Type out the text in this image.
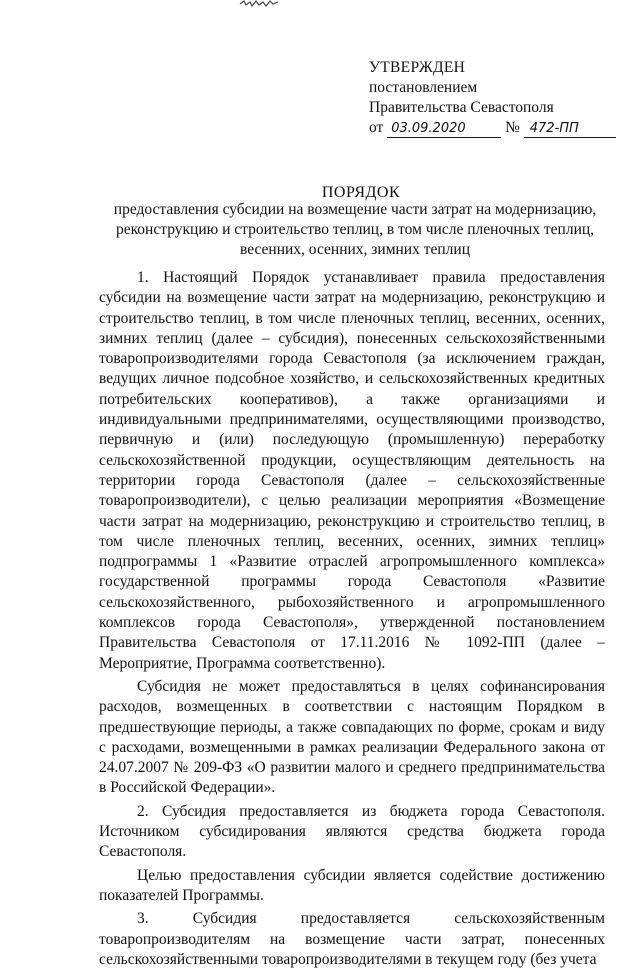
УТВЕРЖДЕН
постановлением
Правительства Севастополя
от 03.09.2020	№ 472-ПП
ПОРЯДОК
предоставления субсидии на возмещение части затрат на модернизацию, реконструкцию и строительство теплиц, в том числе пленочных теплиц, весенних, осенних, зимних теплиц

1. Настоящий Порядок устанавливает правила предоставления субсидии на возмещение части затрат на модернизацию, реконструкцию и строительство теплиц, в том числе пленочных теплиц, весенних, осенних, зимних теплиц (далее – субсидия), понесенных сельскохозяйственными товаропроизводителями города Севастополя (за исключением граждан, ведущих личное подсобное хозяйство, и сельскохозяйственных кредитных потребительских кооперативов), а также организациями и индивидуальными предпринимателями, осуществляющими производство, первичную и (или) последующую (промышленную) переработку сельскохозяйственной продукции, осуществляющим деятельность на территории города Севастополя (далее – сельскохозяйственные товаропроизводители), с целью реализации мероприятия «Возмещение части затрат на модернизацию, реконструкцию и строительство теплиц, в том числе пленочных теплиц, весенних, осенних, зимних теплиц» подпрограммы 1 «Развитие отраслей агропромышленного комплекса» государственной программы города Севастополя «Развитие сельскохозяйственного, рыбохозяйственного и агропромышленного комплексов города Севастополя», утвержденной постановлением Правительства Севастополя от 17.11.2016 № 1092-ПП (далее – Мероприятие, Программа соответственно).

Субсидия не может предоставляться в целях софинансирования расходов, возмещенных в соответствии с настоящим Порядком в предшествующие периоды, а также совпадающих по форме, срокам и виду с расходами, возмещенными в рамках реализации Федерального закона от 24.07.2007 № 209-ФЗ «О развитии малого и среднего предпринимательства в Российской Федерации».

2. Субсидия предоставляется из бюджета города Севастополя. Источником субсидирования являются средства бюджета города Севастополя.

Целью предоставления субсидии является содействие достижению показателей Программы.

3. Субсидия предоставляется сельскохозяйственным товаропроизводителям на возмещение части затрат, понесенных сельскохозяйственными товаропроизводителями в текущем году (без учета
